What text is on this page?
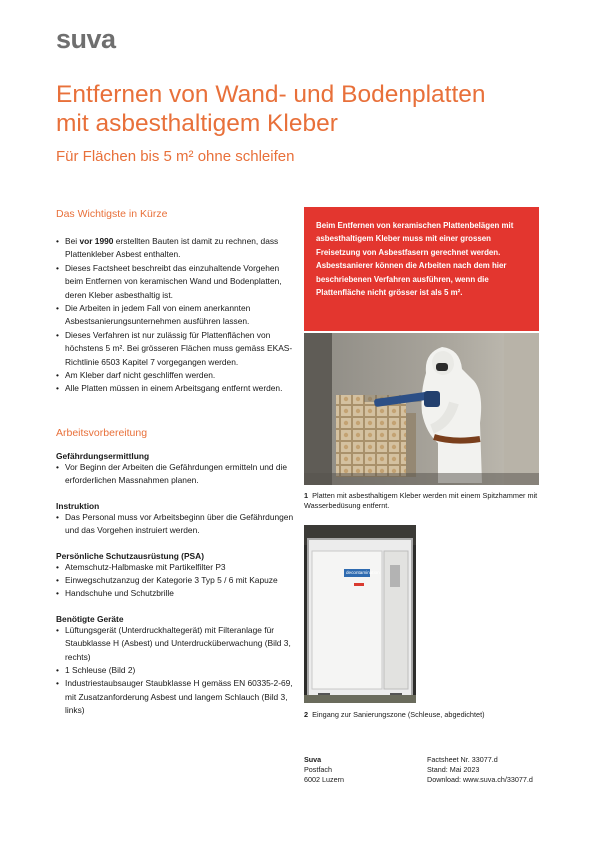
suva
Entfernen von Wand- und Bodenplatten
mit asbesthaltigem Kleber
Für Flächen bis 5 m² ohne schleifen
Das Wichtigste in Kürze
• Bei vor 1990 erstellten Bauten ist damit zu rechnen, dass Plattenkleber Asbest enthalten.
• Dieses Factsheet beschreibt das einzuhaltende Vorgehen beim Entfernen von keramischen Wand und Bodenplatten, deren Kleber asbesthaltig ist.
• Die Arbeiten in jedem Fall von einem anerkannten Asbestsanierungsunternehmen ausführen lassen.
• Dieses Verfahren ist nur zulässig für Plattenflächen von höchstens 5 m². Bei grösseren Flächen muss gemäss EKAS-Richtlinie 6503 Kapitel 7 vorgegangen werden.
• Am Kleber darf nicht geschliffen werden.
• Alle Platten müssen in einem Arbeitsgang entfernt werden.
Arbeitsvorbereitung
Gefährdungsermittlung
• Vor Beginn der Arbeiten die Gefährdungen ermitteln und die erforderlichen Massnahmen planen.
Instruktion
• Das Personal muss vor Arbeitsbeginn über die Gefährdungen und das Vorgehen instruiert werden.
Persönliche Schutzausrüstung (PSA)
• Atemschutz-Halbmaske mit Partikelfilter P3
• Einwegschutzanzug der Kategorie 3 Typ 5 / 6 mit Kapuze
• Handschuhe und Schutzbrille
Benötigte Geräte
• Lüftungsgerät (Unterdruckhaltegerät) mit Filteranlage für Staubklasse H (Asbest) und Unterdrucküberwachung (Bild 3, rechts)
• 1 Schleuse (Bild 2)
• Industriestaubsauger Staubklasse H gemäss EN 60335-2-69, mit Zusatzanforderung Asbest und langem Schlauch (Bild 3, links)
Beim Entfernen von keramischen Plattenbelägen mit asbesthaltigem Kleber muss mit einer grossen Freisetzung von Asbestfasern gerechnet werden. Asbestsanierer können die Arbeiten nach dem hier beschriebenen Verfahren ausführen, wenn die Plattenfläche nicht grösser ist als 5 m².
1 Platten mit asbesthaltigem Kleber werden mit einem Spitzhammer mit Wasserbedüsung entfernt.
decontamination
2 Eingang zur Sanierungszone (Schleuse, abgedichtet)
Suva
Postfach
6002 Luzern
Factsheet Nr. 33077.d
Stand: Mai 2023
Download: www.suva.ch/33077.d
